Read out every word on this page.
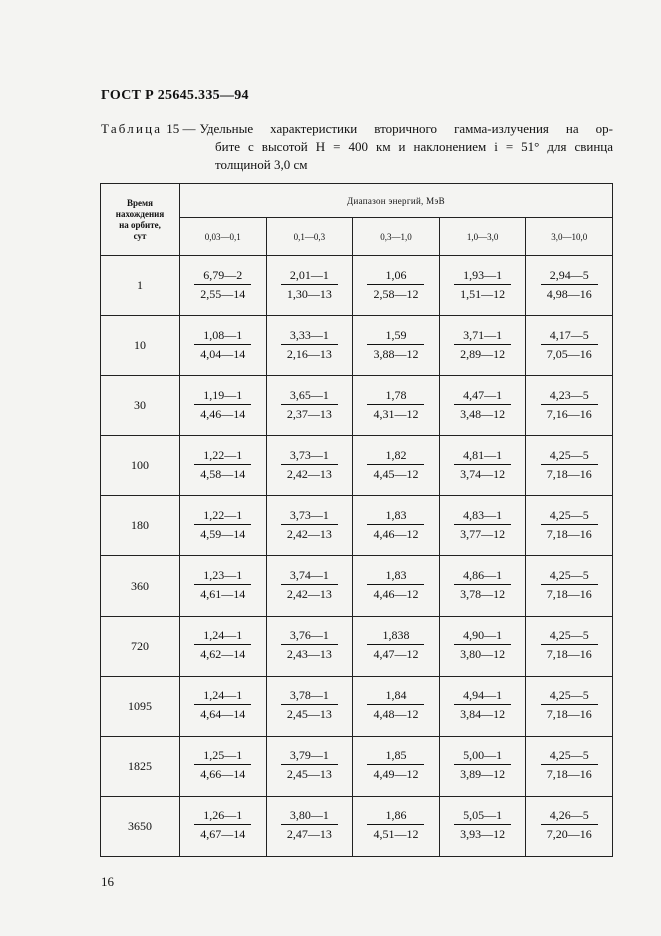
ГОСТ Р 25645.335—94
Таблица 15 — Удельные характеристики вторичного гамма-излучения на ор-
бите с высотой H = 400 км и наклонением i = 51° для свинца
толщиной 3,0 см
Время
нахождения
на орбите,
сут	Диапазон энергий, МэВ				
	0,03—0,1	0,1—0,3	0,3—1,0	1,0—3,0	3,0—10,0
1	$\frac{6,79—2}{2,55—14}$	$\frac{2,01—1}{1,30—13}$	$\frac{1,06}{2,58—12}$	$\frac{1,93—1}{1,51—12}$	$\frac{2,94—5}{4,98—16}$

10	$\frac{1,08—1}{4,04—14}$	$\frac{3,33—1}{2,16—13}$	$\frac{1,59}{3,88—12}$	$\frac{3,71—1}{2,89—12}$	$\frac{4,17—5}{7,05—16}$

30	$\frac{1,19—1}{4,46—14}$	$\frac{3,65—1}{2,37—13}$	$\frac{1,78}{4,31—12}$	$\frac{4,47—1}{3,48—12}$	$\frac{4,23—5}{7,16—16}$

100	$\frac{1,22—1}{4,58—14}$	$\frac{3,73—1}{2,42—13}$	$\frac{1,82}{4,45—12}$	$\frac{4,81—1}{3,74—12}$	$\frac{4,25—5}{7,18—16}$

180	$\frac{1,22—1}{4,59—14}$	$\frac{3,73—1}{2,42—13}$	$\frac{1,83}{4,46—12}$	$\frac{4,83—1}{3,77—12}$	$\frac{4,25—5}{7,18—16}$

360	$\frac{1,23—1}{4,61—14}$	$\frac{3,74—1}{2,42—13}$	$\frac{1,83}{4,46—12}$	$\frac{4,86—1}{3,78—12}$	$\frac{4,25—5}{7,18—16}$

720	$\frac{1,24—1}{4,62—14}$	$\frac{3,76—1}{2,43—13}$	$\frac{1,838}{4,47—12}$	$\frac{4,90—1}{3,80—12}$	$\frac{4,25—5}{7,18—16}$

1095	$\frac{1,24—1}{4,64—14}$	$\frac{3,78—1}{2,45—13}$	$\frac{1,84}{4,48—12}$	$\frac{4,94—1}{3,84—12}$	$\frac{4,25—5}{7,18—16}$

1825	$\frac{1,25—1}{4,66—14}$	$\frac{3,79—1}{2,45—13}$	$\frac{1,85}{4,49—12}$	$\frac{5,00—1}{3,89—12}$	$\frac{4,25—5}{7,18—16}$

3650	$\frac{1,26—1}{4,67—14}$	$\frac{3,80—1}{2,47—13}$	$\frac{1,86}{4,51—12}$	$\frac{5,05—1}{3,93—12}$	$\frac{4,26—5}{7,20—16}$
16
